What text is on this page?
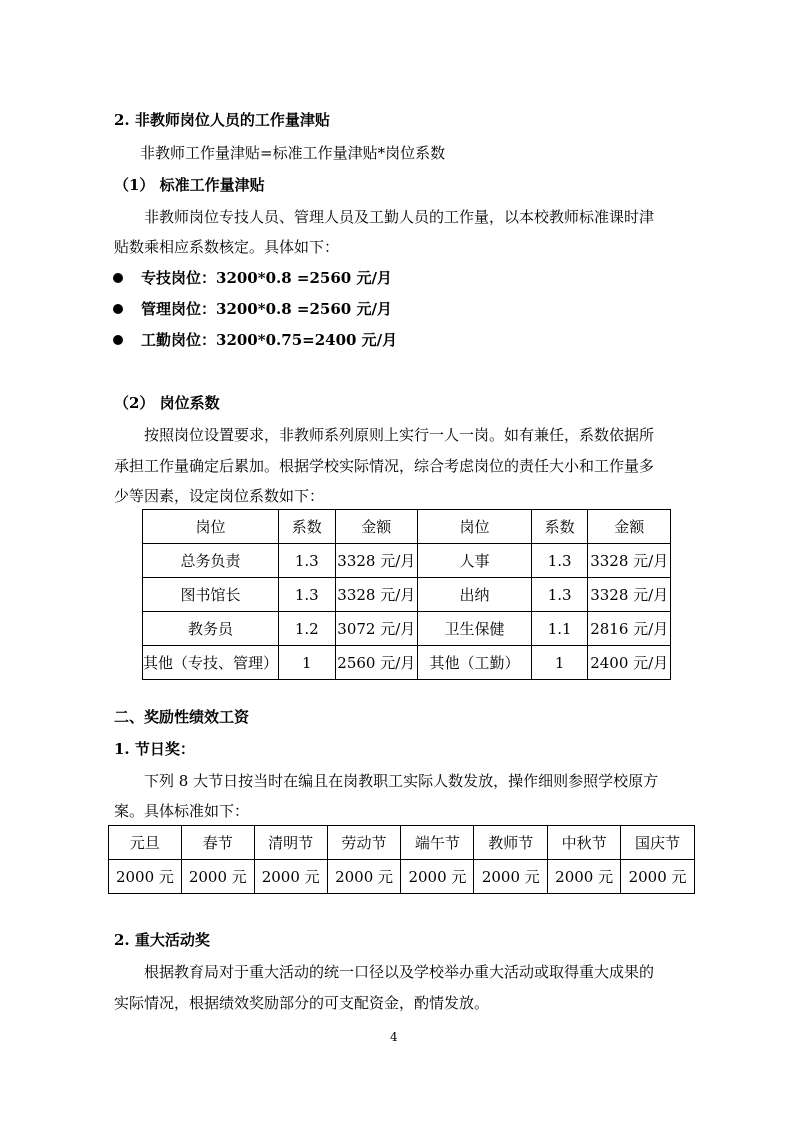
2. 非教师岗位人员的工作量津贴
非教师工作量津贴=标准工作量津贴*岗位系数
（1） 标准工作量津贴
非教师岗位专技人员、管理人员及工勤人员的工作量，以本校教师标准课时津
贴数乘相应系数核定。具体如下：
专技岗位：3200*0.8 =2560 元/月
管理岗位：3200*0.8 =2560 元/月
工勤岗位：3200*0.75=2400 元/月
（2） 岗位系数
按照岗位设置要求，非教师系列原则上实行一人一岗。如有兼任，系数依据所
承担工作量确定后累加。根据学校实际情况，综合考虑岗位的责任大小和工作量多
少等因素，设定岗位系数如下：
岗位	系数	金额	岗位	系数	金额
总务负责	1.3	3328 元/月	人事	1.3	3328 元/月
图书馆长	1.3	3328 元/月	出纳	1.3	3328 元/月
教务员	1.2	3072 元/月	卫生保健	1.1	2816 元/月
其他（专技、管理）	1	2560 元/月	其他（工勤）	1	2400 元/月
二、奖励性绩效工资
1. 节日奖：
下列 8 大节日按当时在编且在岗教职工实际人数发放，操作细则参照学校原方
案。具体标准如下：
元旦	春节	清明节	劳动节	端午节	教师节	中秋节	国庆节
2000 元	2000 元	2000 元	2000 元	2000 元	2000 元	2000 元	2000 元
2. 重大活动奖
根据教育局对于重大活动的统一口径以及学校举办重大活动或取得重大成果的
实际情况，根据绩效奖励部分的可支配资金，酌情发放。
4
